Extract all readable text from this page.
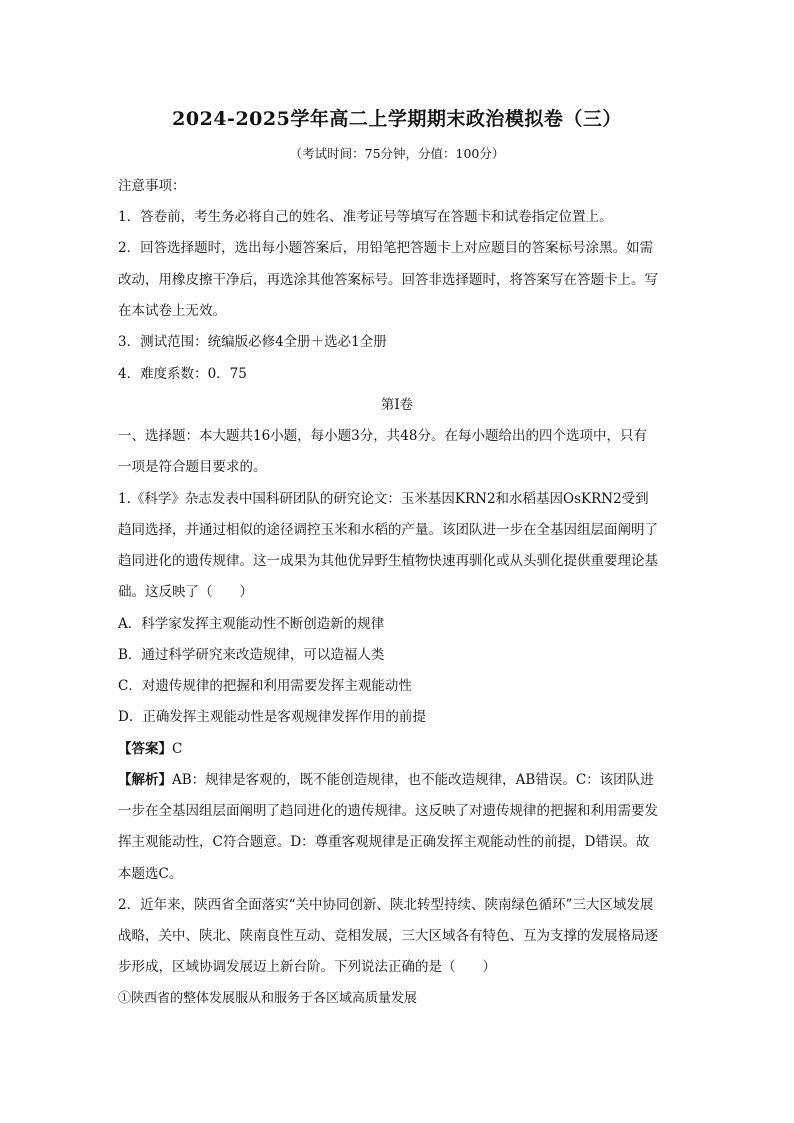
2024-2025学年高二上学期期末政治模拟卷（三）
（考试时间：75分钟，分值：100分）
注意事项：
1．答卷前，考生务必将自己的姓名、准考证号等填写在答题卡和试卷指定位置上。
2．回答选择题时，选出每小题答案后，用铅笔把答题卡上对应题目的答案标号涂黑。如需
改动，用橡皮擦干净后，再选涂其他答案标号。回答非选择题时，将答案写在答题卡上。写
在本试卷上无效。
3．测试范围：统编版必修4全册＋选必1全册
4．难度系数：0．75
第Ⅰ卷
一、选择题：本大题共16小题，每小题3分，共48分。在每小题给出的四个选项中，只有
一项是符合题目要求的。
1.《科学》杂志发表中国科研团队的研究论文：玉米基因KRN2和水稻基因OsKRN2受到
趋同选择，并通过相似的途径调控玉米和水稻的产量。该团队进一步在全基因组层面阐明了
趋同进化的遗传规律。这一成果为其他优异野生植物快速再驯化或从头驯化提供重要理论基
础。这反映了（　　）
A．科学家发挥主观能动性不断创造新的规律
B．通过科学研究来改造规律，可以造福人类
C．对遗传规律的把握和利用需要发挥主观能动性
D．正确发挥主观能动性是客观规律发挥作用的前提
【答案】C
【解析】AB：规律是客观的，既不能创造规律，也不能改造规律，AB错误。C：该团队进
一步在全基因组层面阐明了趋同进化的遗传规律。这反映了对遗传规律的把握和利用需要发
挥主观能动性，C符合题意。D：尊重客观规律是正确发挥主观能动性的前提，D错误。故
本题选C。
2．近年来，陕西省全面落实“关中协同创新、陕北转型持续、陕南绿色循环”三大区域发展
战略，关中、陕北、陕南良性互动、竞相发展，三大区域各有特色、互为支撑的发展格局逐
步形成，区域协调发展迈上新台阶。下列说法正确的是（　　）
①陕西省的整体发展服从和服务于各区域高质量发展
